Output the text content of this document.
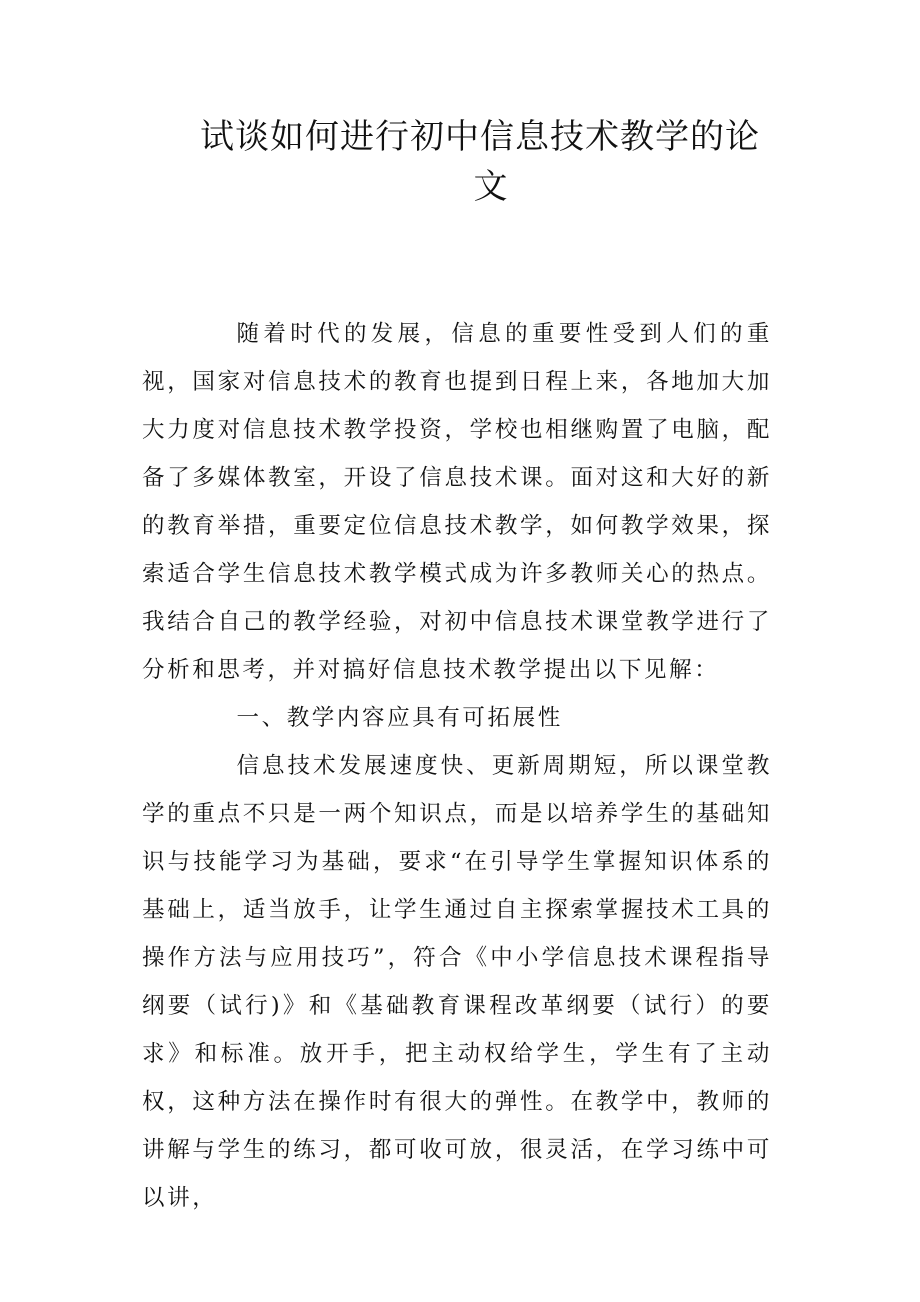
试谈如何进行初中信息技术教学的论
文

随着时代的发展，信息的重要性受到人们的重视，国家对信息技术的教育也提到日程上来，各地加大加大力度对信息技术教学投资，学校也相继购置了电脑，配备了多媒体教室，开设了信息技术课。面对这和大好的新的教育举措，重要定位信息技术教学，如何教学效果，探索适合学生信息技术教学模式成为许多教师关心的热点。我结合自己的教学经验，对初中信息技术课堂教学进行了分析和思考，并对搞好信息技术教学提出以下见解：

一、教学内容应具有可拓展性

信息技术发展速度快、更新周期短，所以课堂教学的重点不只是一两个知识点，而是以培养学生的基础知识与技能学习为基础，要求“在引导学生掌握知识体系的基础上，适当放手，让学生通过自主探索掌握技术工具的操作方法与应用技巧”，符合《中小学信息技术课程指导纲要（试行)》和《基础教育课程改革纲要（试行）的要求》和标准。放开手，把主动权给学生，学生有了主动权，这种方法在操作时有很大的弹性。在教学中，教师的讲解与学生的练习，都可收可放，很灵活，在学习练中可以讲，
